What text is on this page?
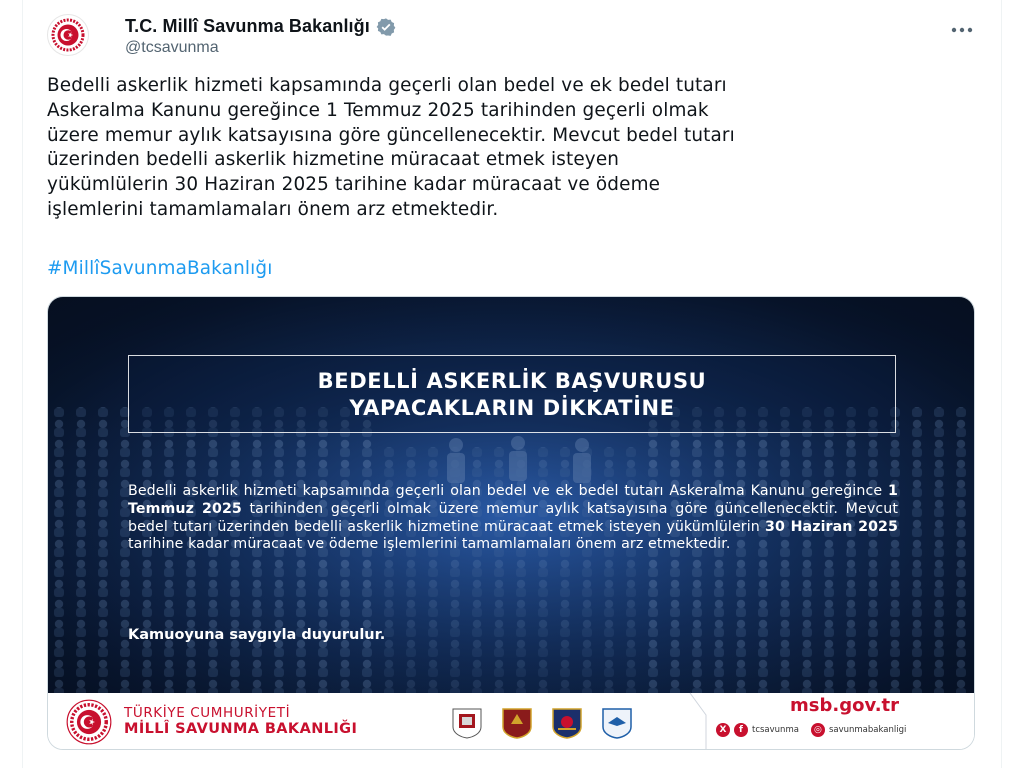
T.C. Millî Savunma Bakanlığı
@tcsavunma

Bedelli askerlik hizmeti kapsamında geçerli olan bedel ve ek bedel tutarı

Askeralma Kanunu gereğince 1 Temmuz 2025 tarihinden geçerli olmak

üzere memur aylık katsayısına göre güncellenecektir. Mevcut bedel tutarı

üzerinden bedelli askerlik hizmetine müracaat etmek isteyen

yükümlülerin 30 Haziran 2025 tarihine kadar müracaat ve ödeme

işlemlerini tamamlamaları önem arz etmektedir.

#MillîSavunmaBakanlığı
BEDELLİ ASKERLİK BAŞVURUSU
YAPACAKLARIN DİKKATİNE
Bedelli askerlik hizmeti kapsamında geçerli olan bedel ve ek bedel tutarı Askeralma Kanunu gereğince 1 Temmuz 2025 tarihinden geçerli olmak üzere memur aylık katsayısına göre güncellenecektir. Mevcut bedel tutarı üzerinden bedelli askerlik hizmetine müracaat etmek isteyen yükümlülerin 30 Haziran 2025 tarihine kadar müracaat ve ödeme işlemlerini tamamlamaları önem arz etmektedir.
Kamuoyuna saygıyla duyurulur.
TÜRKİYE CUMHURİYETİ
MİLLÎ SAVUNMA BAKANLIĞI
msb.gov.tr
X	f	tcsavunma	◎ savunmabakanligi
